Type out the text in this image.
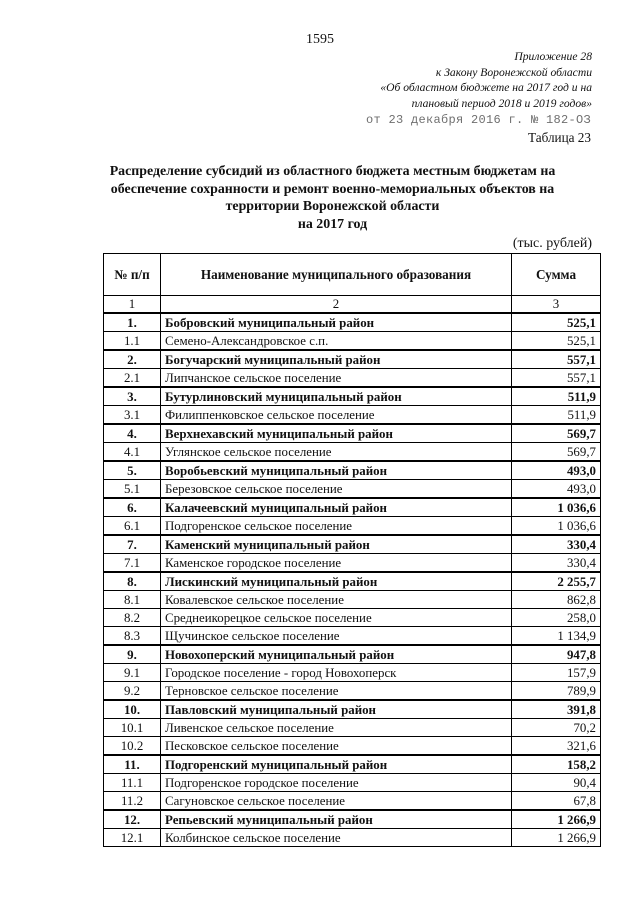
1595
Приложение 28
к Закону Воронежской области
«Об областном бюджете на 2017 год и на
плановый период 2018 и 2019 годов»
от 23 декабря 2016 г. № 182-ОЗ
Таблица 23
Распределение субсидий из областного бюджета местным бюджетам на
обеспечение сохранности и ремонт военно-мемориальных объектов на
территории Воронежской области
на 2017 год
(тыс. рублей)
№ п/п	Наименование муниципального образования	Сумма
1	2	3
1.	Бобровский муниципальный район	525,1
1.1	Семено-Александровское с.п.	525,1
2.	Богучарский муниципальный район	557,1
2.1	Липчанское сельское поселение	557,1
3.	Бутурлиновский муниципальный район	511,9
3.1	Филиппенковское сельское поселение	511,9
4.	Верхнехавский муниципальный район	569,7
4.1	Углянское сельское поселение	569,7
5.	Воробьевский муниципальный район	493,0
5.1	Березовское сельское поселение	493,0
6.	Калачеевский муниципальный район	1 036,6
6.1	Подгоренское сельское поселение	1 036,6
7.	Каменский муниципальный район	330,4
7.1	Каменское городское поселение	330,4
8.	Лискинский муниципальный район	2 255,7
8.1	Ковалевское сельское поселение	862,8
8.2	Среднеикорецкое сельское поселение	258,0
8.3	Щучинское сельское поселение	1 134,9
9.	Новохоперский муниципальный район	947,8
9.1	Городское поселение - город Новохоперск	157,9
9.2	Терновское сельское поселение	789,9
10.	Павловский муниципальный район	391,8
10.1	Ливенское сельское поселение	70,2
10.2	Песковское сельское поселение	321,6
11.	Подгоренский муниципальный район	158,2
11.1	Подгоренское городское поселение	90,4
11.2	Сагуновское сельское поселение	67,8
12.	Репьевский муниципальный район	1 266,9
12.1	Колбинское сельское поселение	1 266,9
